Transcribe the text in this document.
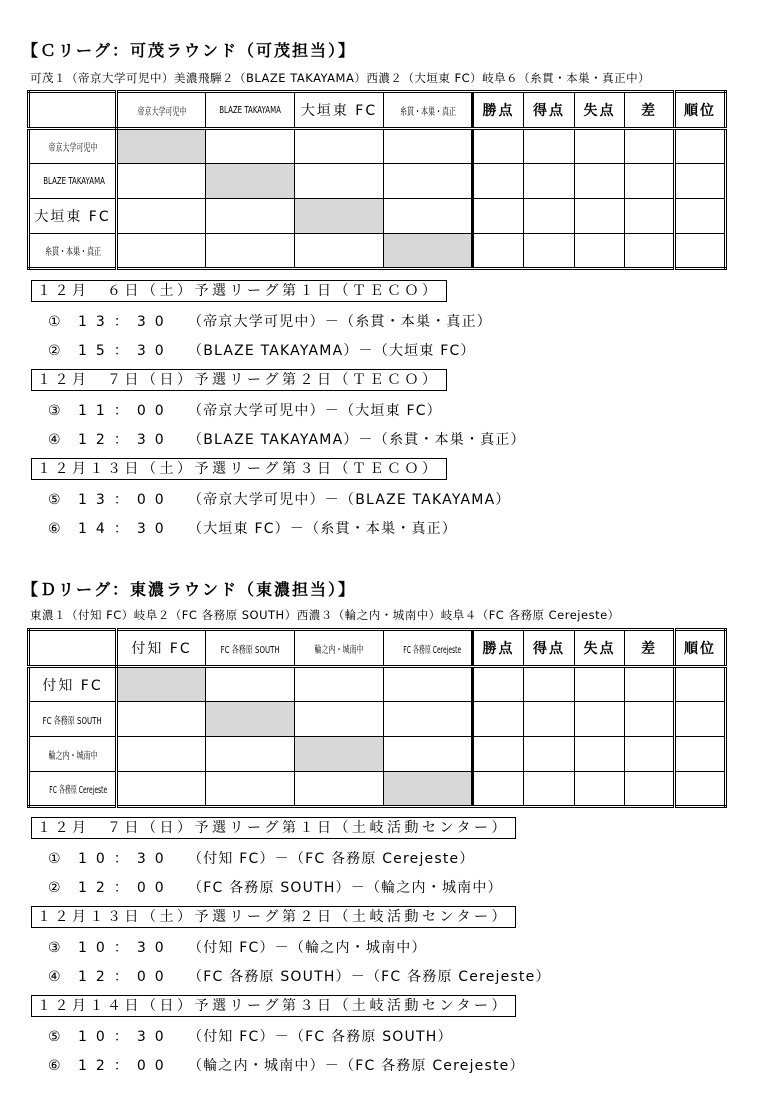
【Ｃリーグ：可茂ラウンド（可茂担当）】
可茂１（帝京大学可児中）美濃飛騨２（BLAZE TAKAYAMA）西濃２（大垣東 FC）岐阜６（糸貫・本巣・真正中）
	帝京大学可児中	BLAZE TAKAYAMA	大垣東 FC	糸貫・本巣・真正	勝点	得点	失点	差	順位
帝京大学可児中									
BLAZE TAKAYAMA									
大垣東 FC									
糸貫・本巣・真正									
１２月　６日（土）予選リーグ第１日（ＴＥＣＯ）
① 13：30 （帝京大学可児中）－（糸貫・本巣・真正）
② 15：30 （BLAZE TAKAYAMA）－（大垣東 FC）
１２月　７日（日）予選リーグ第２日（ＴＥＣＯ）
③ 11：00 （帝京大学可児中）－（大垣東 FC）
④ 12：30 （BLAZE TAKAYAMA）－（糸貫・本巣・真正）
１２月１３日（土）予選リーグ第３日（ＴＥＣＯ）
⑤ 13：00 （帝京大学可児中）－（BLAZE TAKAYAMA）
⑥ 14：30 （大垣東 FC）－（糸貫・本巣・真正）
【Ｄリーグ：東濃ラウンド（東濃担当）】
東濃１（付知 FC）岐阜２（FC 各務原 SOUTH）西濃３（輪之内・城南中）岐阜４（FC 各務原 Cerejeste）
	付知 FC	FC 各務原 SOUTH	輪之内・城南中	FC 各務原 Cerejeste	勝点	得点	失点	差	順位
付知 FC									
FC 各務原 SOUTH									
輪之内・城南中									
FC 各務原 Cerejeste									
１２月　７日（日）予選リーグ第１日（土岐活動センター）
① 10：30 （付知 FC）－（FC 各務原 Cerejeste）
② 12：00 （FC 各務原 SOUTH）－（輪之内・城南中）
１２月１３日（土）予選リーグ第２日（土岐活動センター）
③ 10：30 （付知 FC）－（輪之内・城南中）
④ 12：00 （FC 各務原 SOUTH）－（FC 各務原 Cerejeste）
１２月１４日（日）予選リーグ第３日（土岐活動センター）
⑤ 10：30 （付知 FC）－（FC 各務原 SOUTH）
⑥ 12：00 （輪之内・城南中）－（FC 各務原 Cerejeste）
